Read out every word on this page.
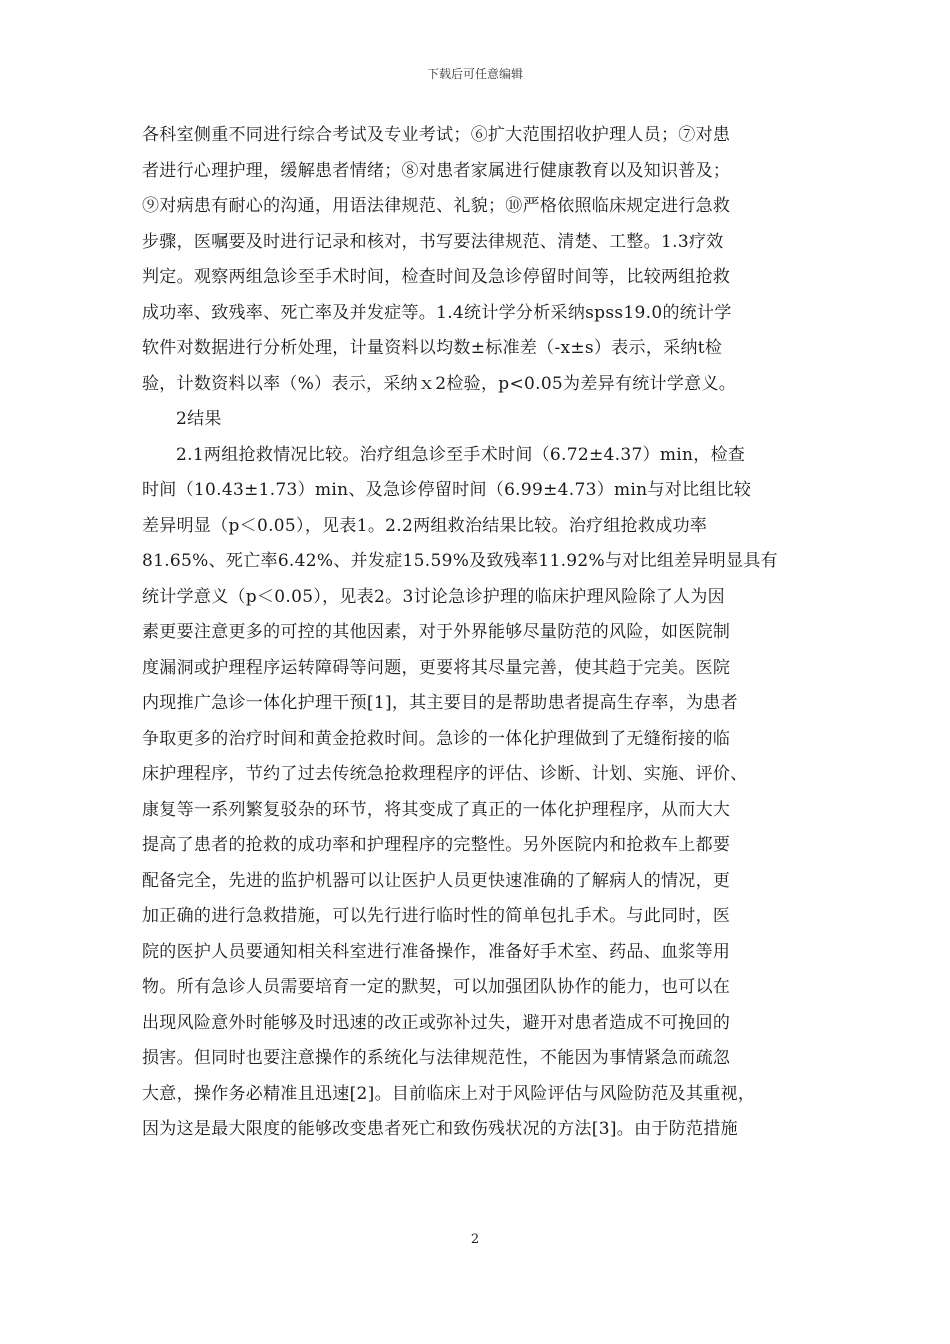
下载后可任意编辑

各科室侧重不同进行综合考试及专业考试；⑥扩大范围招收护理人员；⑦对患
者进行心理护理，缓解患者情绪；⑧对患者家属进行健康教育以及知识普及；
⑨对病患有耐心的沟通，用语法律规范、礼貌；⑩严格依照临床规定进行急救
步骤，医嘱要及时进行记录和核对，书写要法律规范、清楚、工整。1.3疗效
判定。观察两组急诊至手术时间，检查时间及急诊停留时间等，比较两组抢救
成功率、致残率、死亡率及并发症等。1.4统计学分析采纳spss19.0的统计学
软件对数据进行分析处理，计量资料以均数±标准差（-x±s）表示，采纳t检
验，计数资料以率（%）表示，采纳ｘ2检验，p<0.05为差异有统计学意义。

2结果

2.1两组抢救情况比较。治疗组急诊至手术时间（6.72±4.37）min，检查
时间（10.43±1.73）min、及急诊停留时间（6.99±4.73）min与对比组比较
差异明显（p＜0.05），见表1。2.2两组救治结果比较。治疗组抢救成功率
81.65%、死亡率6.42%、并发症15.59%及致残率11.92%与对比组差异明显具有
统计学意义（p＜0.05），见表2。3讨论急诊护理的临床护理风险除了人为因
素更要注意更多的可控的其他因素，对于外界能够尽量防范的风险，如医院制
度漏洞或护理程序运转障碍等问题，更要将其尽量完善，使其趋于完美。医院
内现推广急诊一体化护理干预[1]，其主要目的是帮助患者提高生存率，为患者
争取更多的治疗时间和黄金抢救时间。急诊的一体化护理做到了无缝衔接的临
床护理程序，节约了过去传统急抢救理程序的评估、诊断、计划、实施、评价、
康复等一系列繁复驳杂的环节，将其变成了真正的一体化护理程序，从而大大
提高了患者的抢救的成功率和护理程序的完整性。另外医院内和抢救车上都要
配备完全，先进的监护机器可以让医护人员更快速准确的了解病人的情况，更
加正确的进行急救措施，可以先行进行临时性的简单包扎手术。与此同时，医
院的医护人员要通知相关科室进行准备操作，准备好手术室、药品、血浆等用
物。所有急诊人员需要培育一定的默契，可以加强团队协作的能力，也可以在
出现风险意外时能够及时迅速的改正或弥补过失，避开对患者造成不可挽回的
损害。但同时也要注意操作的系统化与法律规范性，不能因为事情紧急而疏忽
大意，操作务必精准且迅速[2]。目前临床上对于风险评估与风险防范及其重视，
因为这是最大限度的能够改变患者死亡和致伤残状况的方法[3]。由于防范措施

2
